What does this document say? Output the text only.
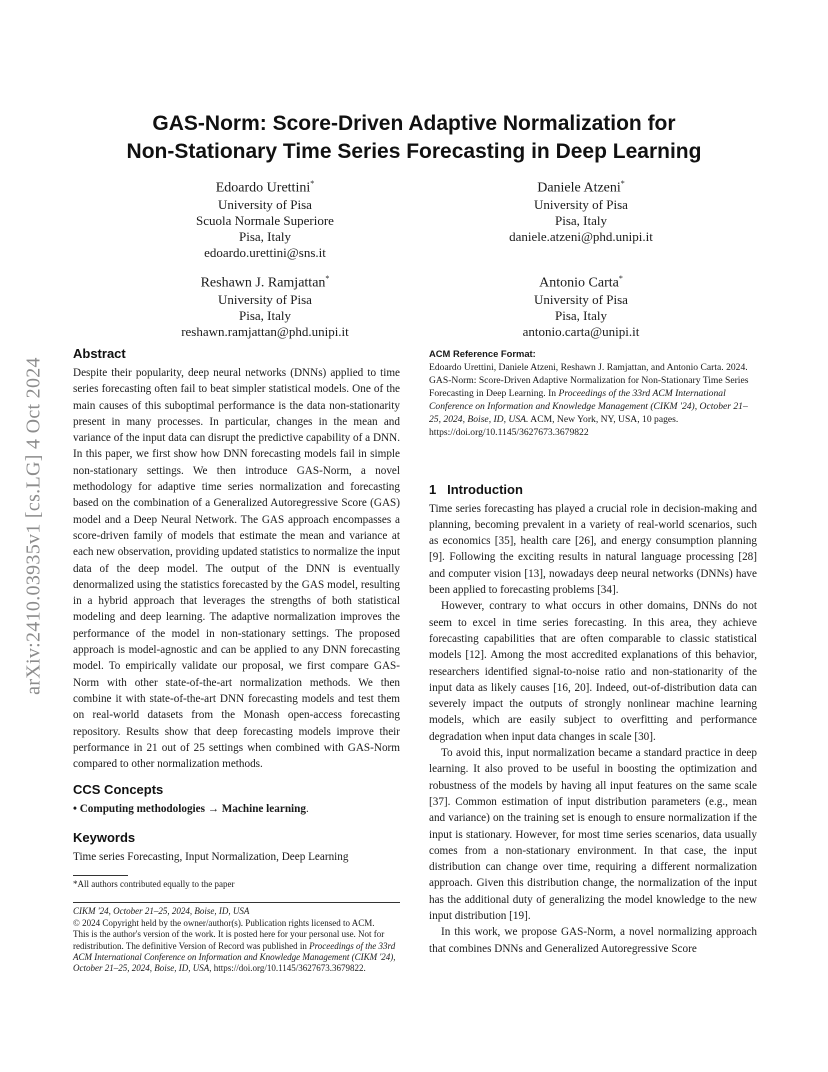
GAS-Norm: Score-Driven Adaptive Normalization for
Non-Stationary Time Series Forecasting in Deep Learning
Edoardo Urettini*
University of Pisa
Scuola Normale Superiore
Pisa, Italy
edoardo.urettini@sns.it
Daniele Atzeni*
University of Pisa
Pisa, Italy
daniele.atzeni@phd.unipi.it
Reshawn J. Ramjattan*
University of Pisa
Pisa, Italy
reshawn.ramjattan@phd.unipi.it
Antonio Carta*
University of Pisa
Pisa, Italy
antonio.carta@unipi.it
arXiv:2410.03935v1 [cs.LG] 4 Oct 2024
Abstract

Despite their popularity, deep neural networks (DNNs) applied to time series forecasting often fail to beat simpler statistical models. One of the main causes of this suboptimal performance is the data non-stationarity present in many processes. In particular, changes in the mean and variance of the input data can disrupt the predictive capability of a DNN. In this paper, we first show how DNN forecasting models fail in simple non-stationary settings. We then introduce GAS-Norm, a novel methodology for adaptive time series normalization and forecasting based on the combination of a Generalized Autoregressive Score (GAS) model and a Deep Neural Network. The GAS approach encompasses a score-driven family of models that estimate the mean and variance at each new observation, providing updated statistics to normalize the input data of the deep model. The output of the DNN is eventually denormalized using the statistics forecasted by the GAS model, resulting in a hybrid approach that leverages the strengths of both statistical modeling and deep learning. The adaptive normalization improves the performance of the model in non-stationary settings. The proposed approach is model-agnostic and can be applied to any DNN forecasting model. To empirically validate our proposal, we first compare GAS-Norm with other state-of-the-art normalization methods. We then combine it with state-of-the-art DNN forecasting models and test them on real-world datasets from the Monash open-access forecasting repository. Results show that deep forecasting models improve their performance in 21 out of 25 settings when combined with GAS-Norm compared to other normalization methods.

CCS Concepts
• Computing methodologies → Machine learning.
Keywords
Time series Forecasting, Input Normalization, Deep Learning
*All authors contributed equally to the paper
CIKM '24, October 21–25, 2024, Boise, ID, USA
© 2024 Copyright held by the owner/author(s). Publication rights licensed to ACM.
This is the author's version of the work. It is posted here for your personal use. Not for redistribution. The definitive Version of Record was published in Proceedings of the 33rd ACM International Conference on Information and Knowledge Management (CIKM '24), October 21–25, 2024, Boise, ID, USA, https://doi.org/10.1145/3627673.3679822.
ACM Reference Format:
Edoardo Urettini, Daniele Atzeni, Reshawn J. Ramjattan, and Antonio Carta. 2024. GAS-Norm: Score-Driven Adaptive Normalization for Non-Stationary Time Series Forecasting in Deep Learning. In Proceedings of the 33rd ACM International Conference on Information and Knowledge Management (CIKM '24), October 21–25, 2024, Boise, ID, USA. ACM, New York, NY, USA, 10 pages. https://doi.org/10.1145/3627673.3679822
1 Introduction

Time series forecasting has played a crucial role in decision-making and planning, becoming prevalent in a variety of real-world scenarios, such as economics [35], health care [26], and energy consumption planning [9]. Following the exciting results in natural language processing [28] and computer vision [13], nowadays deep neural networks (DNNs) have been applied to forecasting problems [34].

However, contrary to what occurs in other domains, DNNs do not seem to excel in time series forecasting. In this area, they achieve forecasting capabilities that are often comparable to classic statistical models [12]. Among the most accredited explanations of this behavior, researchers identified signal-to-noise ratio and non-stationarity of the input data as likely causes [16, 20]. Indeed, out-of-distribution data can severely impact the outputs of strongly nonlinear machine learning models, which are easily subject to overfitting and performance degradation when input data changes in scale [30].

To avoid this, input normalization became a standard practice in deep learning. It also proved to be useful in boosting the optimization and robustness of the models by having all input features on the same scale [37]. Common estimation of input distribution parameters (e.g., mean and variance) on the training set is enough to ensure normalization if the input is stationary. However, for most time series scenarios, data usually comes from a non-stationary environment. In that case, the input distribution can change over time, requiring a different normalization approach. Given this distribution change, the normalization of the input has the additional duty of generalizing the model knowledge to the new input distribution [19].

In this work, we propose GAS-Norm, a novel normalizing approach that combines DNNs and Generalized Autoregressive Score
